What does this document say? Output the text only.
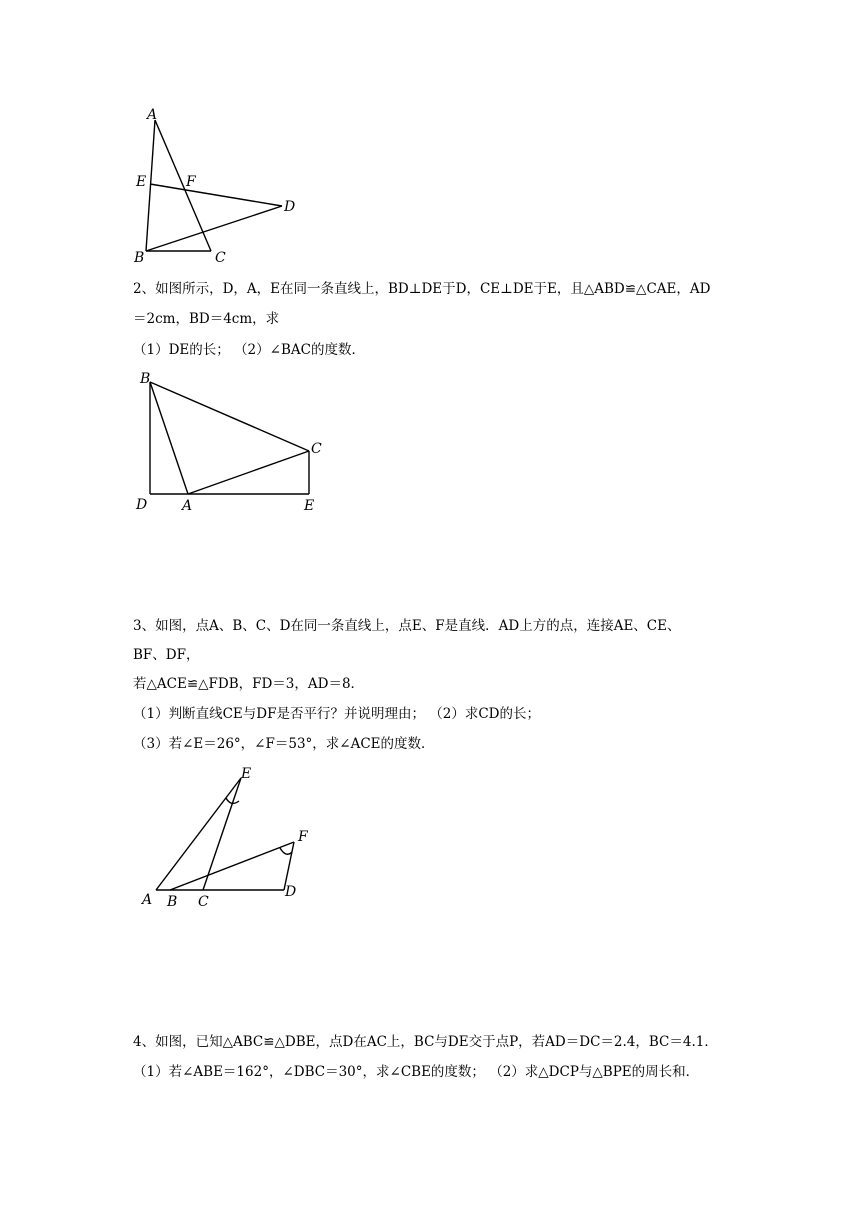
A
E	F
D
B	C
2、如图所示，D，A，E在同一条直线上，BD⊥DE于D，CE⊥DE于E，且△ABD≌△CAE，AD
＝2cm，BD＝4cm，求
（1）DE的长； （2）∠BAC的度数．
B
C
D A	E
3、如图，点A、B、C、D在同一条直线上，点E、F是直线．AD上方的点，连接AE、CE、
BF、DF，
若△ACE≌△FDB，FD＝3，AD＝8．
（1）判断直线CE与DF是否平行？并说明理由； （2）求CD的长；
（3）若∠E＝26°，∠F＝53°，求∠ACE的度数．
E
F
A B C
D
4、如图，已知△ABC≌△DBE，点D在AC上，BC与DE交于点P，若AD＝DC＝2.4，BC＝4.1．
（1）若∠ABE＝162°，∠DBC＝30°，求∠CBE的度数； （2）求△DCP与△BPE的周长和．
